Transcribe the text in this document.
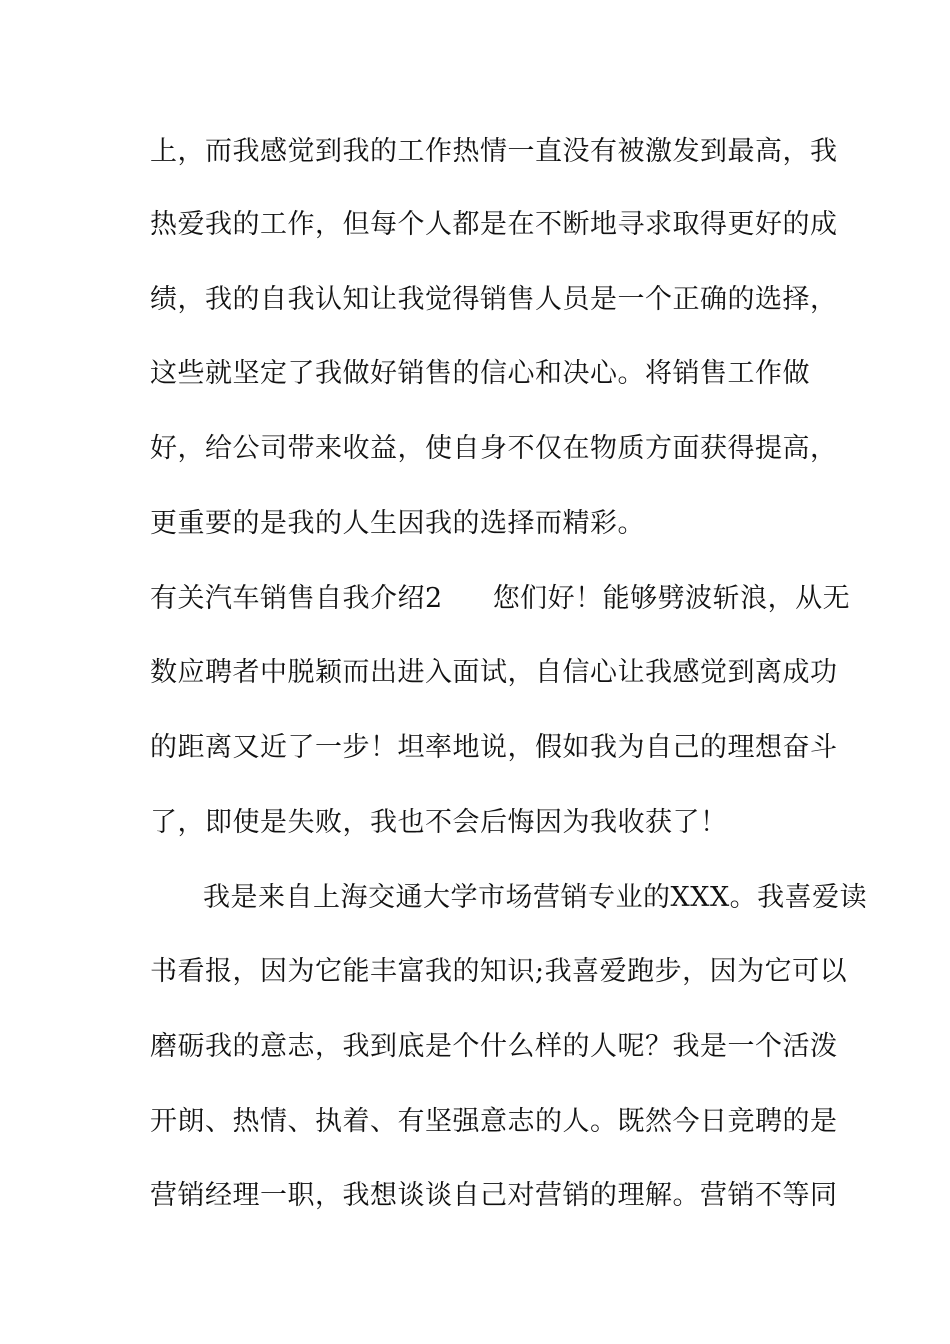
上，而我感觉到我的工作热情一直没有被激发到最高，我
热爱我的工作，但每个人都是在不断地寻求取得更好的成
绩，我的自我认知让我觉得销售人员是一个正确的选择，
这些就坚定了我做好销售的信心和决心。将销售工作做
好，给公司带来收益，使自身不仅在物质方面获得提高，
更重要的是我的人生因我的选择而精彩。
有关汽车销售自我介绍2 您们好！能够劈波斩浪，从无
数应聘者中脱颖而出进入面试，自信心让我感觉到离成功
的距离又近了一步！坦率地说，假如我为自己的理想奋斗
了，即使是失败，我也不会后悔因为我收获了！
我是来自上海交通大学市场营销专业的XXX。我喜爱读
书看报，因为它能丰富我的知识;我喜爱跑步，因为它可以
磨砺我的意志，我到底是个什么样的人呢？我是一个活泼
开朗、热情、执着、有坚强意志的人。既然今日竞聘的是
营销经理一职，我想谈谈自己对营销的理解。营销不等同
